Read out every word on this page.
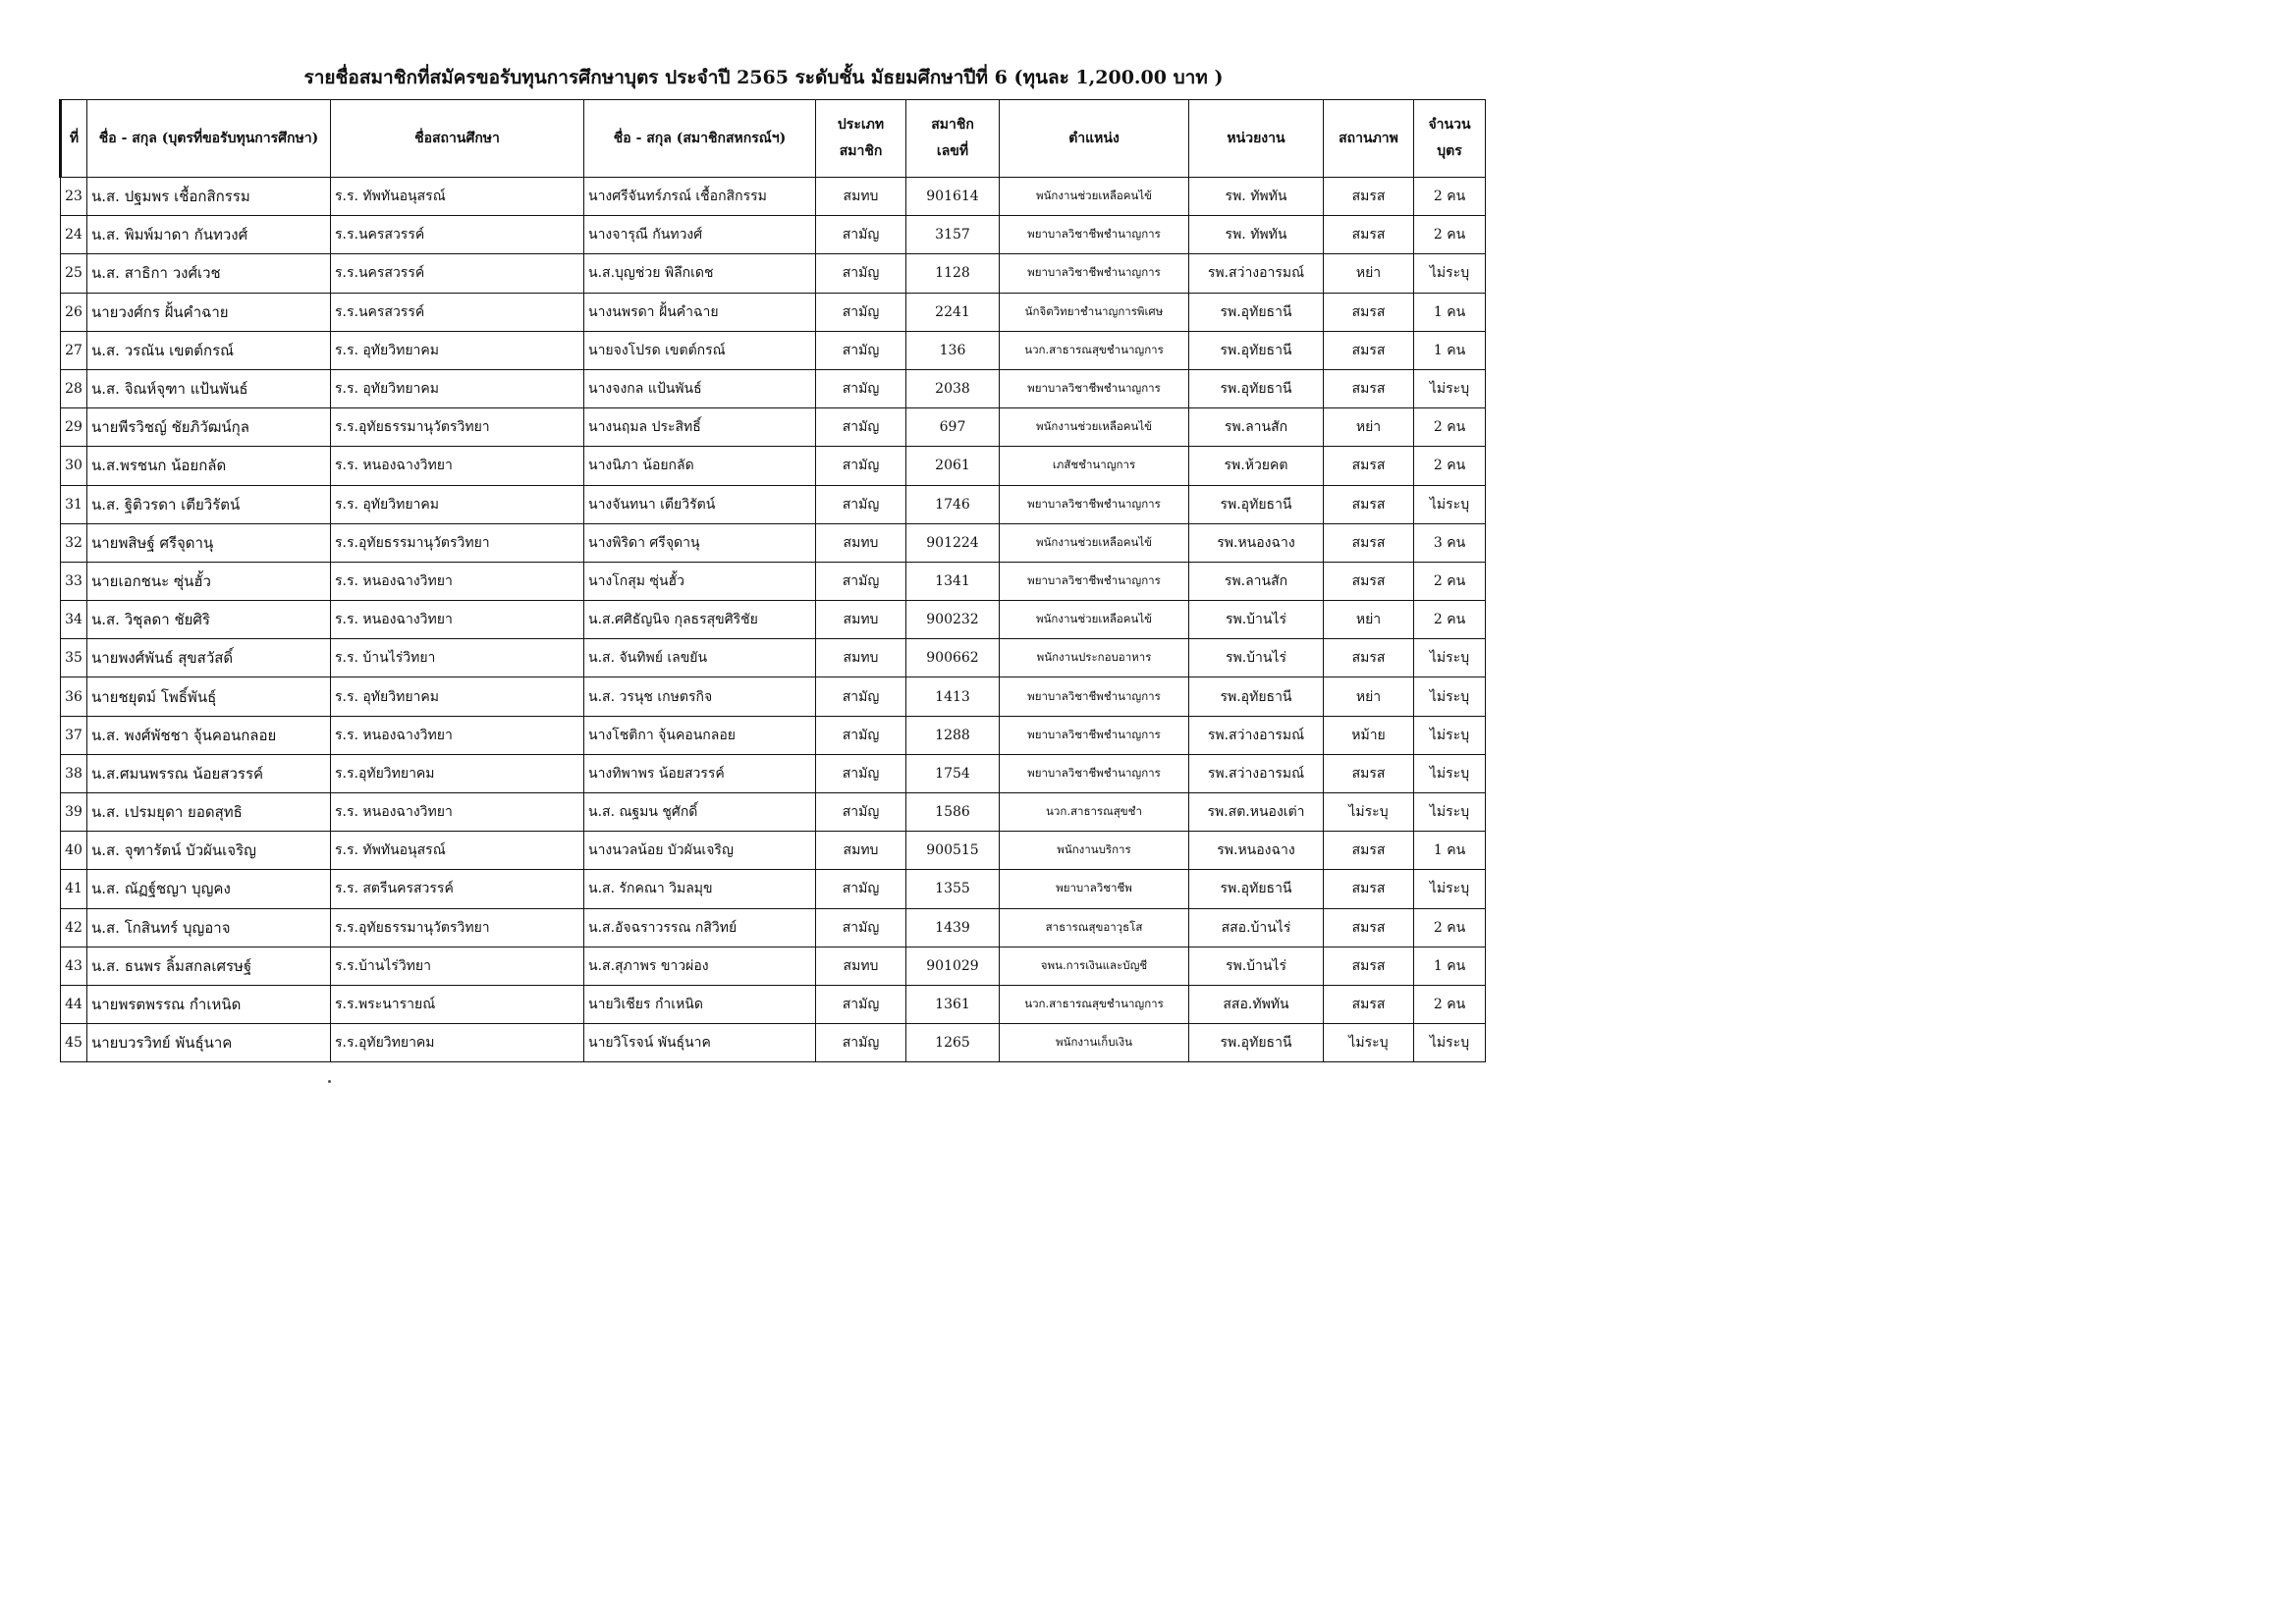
รายชื่อสมาชิกที่สมัครขอรับทุนการศึกษาบุตร ประจำปี 2565 ระดับชั้น มัธยมศึกษาปีที่ 6 (ทุนละ 1,200.00 บาท )
ที่	ชื่อ - สกุล (บุตรที่ขอรับทุนการศึกษา)	ชื่อสถานศึกษา	ชื่อ - สกุล (สมาชิกสหกรณ์ฯ)	ประเภท
สมาชิก	สมาชิก
เลขที่	ตำแหน่ง	หน่วยงาน	สถานภาพ	จำนวน
บุตร
23	น.ส. ปฐมพร เชื้อกสิกรรม	ร.ร. ทัพทันอนุสรณ์	นางศรีจันทร์ภรณ์ เชื้อกสิกรรม	สมทบ	901614	พนักงานช่วยเหลือคนไข้	รพ. ทัพทัน	สมรส	2 คน
24	น.ส. พิมพ์มาดา กันทวงศ์	ร.ร.นครสวรรค์	นางจารุณี กันทวงศ์	สามัญ	3157	พยาบาลวิชาชีพชำนาญการ	รพ. ทัพทัน	สมรส	2 คน
25	น.ส. สาธิกา วงศ์เวช	ร.ร.นครสวรรค์	น.ส.บุญช่วย พิลึกเดช	สามัญ	1128	พยาบาลวิชาชีพชำนาญการ	รพ.สว่างอารมณ์	หย่า	ไม่ระบุ
26	นายวงศ์กร ฝั้นคำฉาย	ร.ร.นครสวรรค์	นางนพรดา ฝั้นคำฉาย	สามัญ	2241	นักจิตวิทยาชำนาญการพิเศษ	รพ.อุทัยธานี	สมรส	1 คน
27	น.ส. วรณัน เขตต์กรณ์	ร.ร. อุทัยวิทยาคม	นายจงโปรด เขตต์กรณ์	สามัญ	136	นวก.สาธารณสุขชำนาญการ	รพ.อุทัยธานี	สมรส	1 คน
28	น.ส. จิณห์จุฑา แป้นพันธ์	ร.ร. อุทัยวิทยาคม	นางจงกล แป้นพันธ์	สามัญ	2038	พยาบาลวิชาชีพชำนาญการ	รพ.อุทัยธานี	สมรส	ไม่ระบุ
29	นายพีรวิชญ์ ชัยภิวัฒน์กุล	ร.ร.อุทัยธรรมานุวัตรวิทยา	นางนฤมล ประสิทธิ์	สามัญ	697	พนักงานช่วยเหลือคนไข้	รพ.ลานสัก	หย่า	2 คน
30	น.ส.พรชนก น้อยกลัด	ร.ร. หนองฉางวิทยา	นางนิภา น้อยกลัด	สามัญ	2061	เภสัชชำนาญการ	รพ.ห้วยคต	สมรส	2 คน
31	น.ส. ฐิติวรดา เตียวิรัตน์	ร.ร. อุทัยวิทยาคม	นางจันทนา เตียวิรัตน์	สามัญ	1746	พยาบาลวิชาชีพชำนาญการ	รพ.อุทัยธานี	สมรส	ไม่ระบุ
32	นายพสิษฐ์ ศรีจุดานุ	ร.ร.อุทัยธรรมานุวัตรวิทยา	นางพิริดา ศรีจุดานุ	สมทบ	901224	พนักงานช่วยเหลือคนไข้	รพ.หนองฉาง	สมรส	3 คน
33	นายเอกชนะ ซุ่นฮั้ว	ร.ร. หนองฉางวิทยา	นางโกสุม ซุ่นฮั้ว	สามัญ	1341	พยาบาลวิชาชีพชำนาญการ	รพ.ลานสัก	สมรส	2 คน
34	น.ส. วิชุลดา ชัยศิริ	ร.ร. หนองฉางวิทยา	น.ส.ศศิธัญนิจ กุลธรสุขศิริชัย	สมทบ	900232	พนักงานช่วยเหลือคนไข้	รพ.บ้านไร่	หย่า	2 คน
35	นายพงศ์พันธ์ สุขสวัสดิ์	ร.ร. บ้านไร่วิทยา	น.ส. จันทิพย์ เลขยัน	สมทบ	900662	พนักงานประกอบอาหาร	รพ.บ้านไร่	สมรส	ไม่ระบุ
36	นายชยุตม์ โพธิ์พันธุ์	ร.ร. อุทัยวิทยาคม	น.ส. วรนุช เกษตรกิจ	สามัญ	1413	พยาบาลวิชาชีพชำนาญการ	รพ.อุทัยธานี	หย่า	ไม่ระบุ
37	น.ส. พงศ์พัชชา จุ้นคอนกลอย	ร.ร. หนองฉางวิทยา	นางโชติกา จุ้นคอนกลอย	สามัญ	1288	พยาบาลวิชาชีพชำนาญการ	รพ.สว่างอารมณ์	หม้าย	ไม่ระบุ
38	น.ส.ศมนพรรณ น้อยสวรรค์	ร.ร.อุทัยวิทยาคม	นางทิพาพร น้อยสวรรค์	สามัญ	1754	พยาบาลวิชาชีพชำนาญการ	รพ.สว่างอารมณ์	สมรส	ไม่ระบุ
39	น.ส. เปรมยุดา ยอดสุทธิ	ร.ร. หนองฉางวิทยา	น.ส. ณฐมน ชูศักดิ์	สามัญ	1586	นวก.สาธารณสุขชำ	รพ.สต.หนองเต่า	ไม่ระบุ	ไม่ระบุ
40	น.ส. จุฑารัตน์ บัวผันเจริญ	ร.ร. ทัพทันอนุสรณ์	นางนวลน้อย บัวผันเจริญ	สมทบ	900515	พนักงานบริการ	รพ.หนองฉาง	สมรส	1 คน
41	น.ส. ณัฏฐ์ชญา บุญคง	ร.ร. สตรีนครสวรรค์	น.ส. รักคณา วิมลมุข	สามัญ	1355	พยาบาลวิชาชีพ	รพ.อุทัยธานี	สมรส	ไม่ระบุ
42	น.ส. โกสินทร์ บุญอาจ	ร.ร.อุทัยธรรมานุวัตรวิทยา	น.ส.อัจฉราวรรณ กสิวิทย์	สามัญ	1439	สาธารณสุขอาวุธโส	สสอ.บ้านไร่	สมรส	2 คน
43	น.ส. ธนพร ลิ้มสกลเศรษฐ์	ร.ร.บ้านไร่วิทยา	น.ส.สุภาพร ขาวผ่อง	สมทบ	901029	จพน.การเงินและบัญชี	รพ.บ้านไร่	สมรส	1 คน
44	นายพรตพรรณ กำเหนิด	ร.ร.พระนารายณ์	นายวิเชียร กำเหนิด	สามัญ	1361	นวก.สาธารณสุขชำนาญการ	สสอ.ทัพทัน	สมรส	2 คน
45	นายบวรวิทย์ พันธุ์นาค	ร.ร.อุทัยวิทยาคม	นายวิโรจน์ พันธุ์นาค	สามัญ	1265	พนักงานเก็บเงิน	รพ.อุทัยธานี	ไม่ระบุ	ไม่ระบุ
